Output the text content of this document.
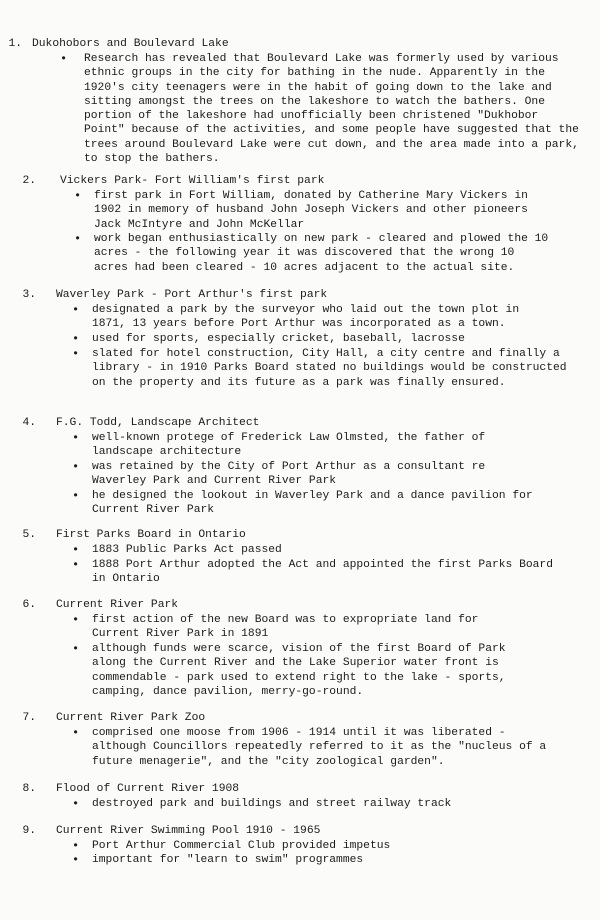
1. Dukohobors and Boulevard Lake
• Research has revealed that Boulevard Lake was formerly used by various ethnic groups in the city for bathing in the nude. Apparently in the 1920's city teenagers were in the habit of going down to the lake and sitting amongst the trees on the lakeshore to watch the bathers. One portion of the lakeshore had unofficially been christened "Dukhobor Point" because of the activities, and some people have suggested that the trees around Boulevard Lake were cut down, and the area made into a park, to stop the bathers.
2. Vickers Park- Fort William's first park
• first park in Fort William, donated by Catherine Mary Vickers in 1902 in memory of husband John Joseph Vickers and other pioneers Jack McIntyre and John McKellar
• work began enthusiastically on new park - cleared and plowed the 10 acres - the following year it was discovered that the wrong 10 acres had been cleared - 10 acres adjacent to the actual site.
3. Waverley Park - Port Arthur's first park
• designated a park by the surveyor who laid out the town plot in 1871, 13 years before Port Arthur was incorporated as a town.
• used for sports, especially cricket, baseball, lacrosse
• slated for hotel construction, City Hall, a city centre and finally a library - in 1910 Parks Board stated no buildings would be constructed on the property and its future as a park was finally ensured.
4. F.G. Todd, Landscape Architect
• well-known protege of Frederick Law Olmsted, the father of landscape architecture
• was retained by the City of Port Arthur as a consultant re Waverley Park and Current River Park
• he designed the lookout in Waverley Park and a dance pavilion for Current River Park
5. First Parks Board in Ontario
• 1883 Public Parks Act passed
• 1888 Port Arthur adopted the Act and appointed the first Parks Board in Ontario
6. Current River Park
• first action of the new Board was to expropriate land for Current River Park in 1891
• although funds were scarce, vision of the first Board of Park along the Current River and the Lake Superior water front is commendable - park used to extend right to the lake - sports, camping, dance pavilion, merry-go-round.
7. Current River Park Zoo
• comprised one moose from 1906 - 1914 until it was liberated - although Councillors repeatedly referred to it as the "nucleus of a future menagerie", and the "city zoological garden".
8. Flood of Current River 1908
• destroyed park and buildings and street railway track
9. Current River Swimming Pool 1910 - 1965
• Port Arthur Commercial Club provided impetus
• important for "learn to swim" programmes
